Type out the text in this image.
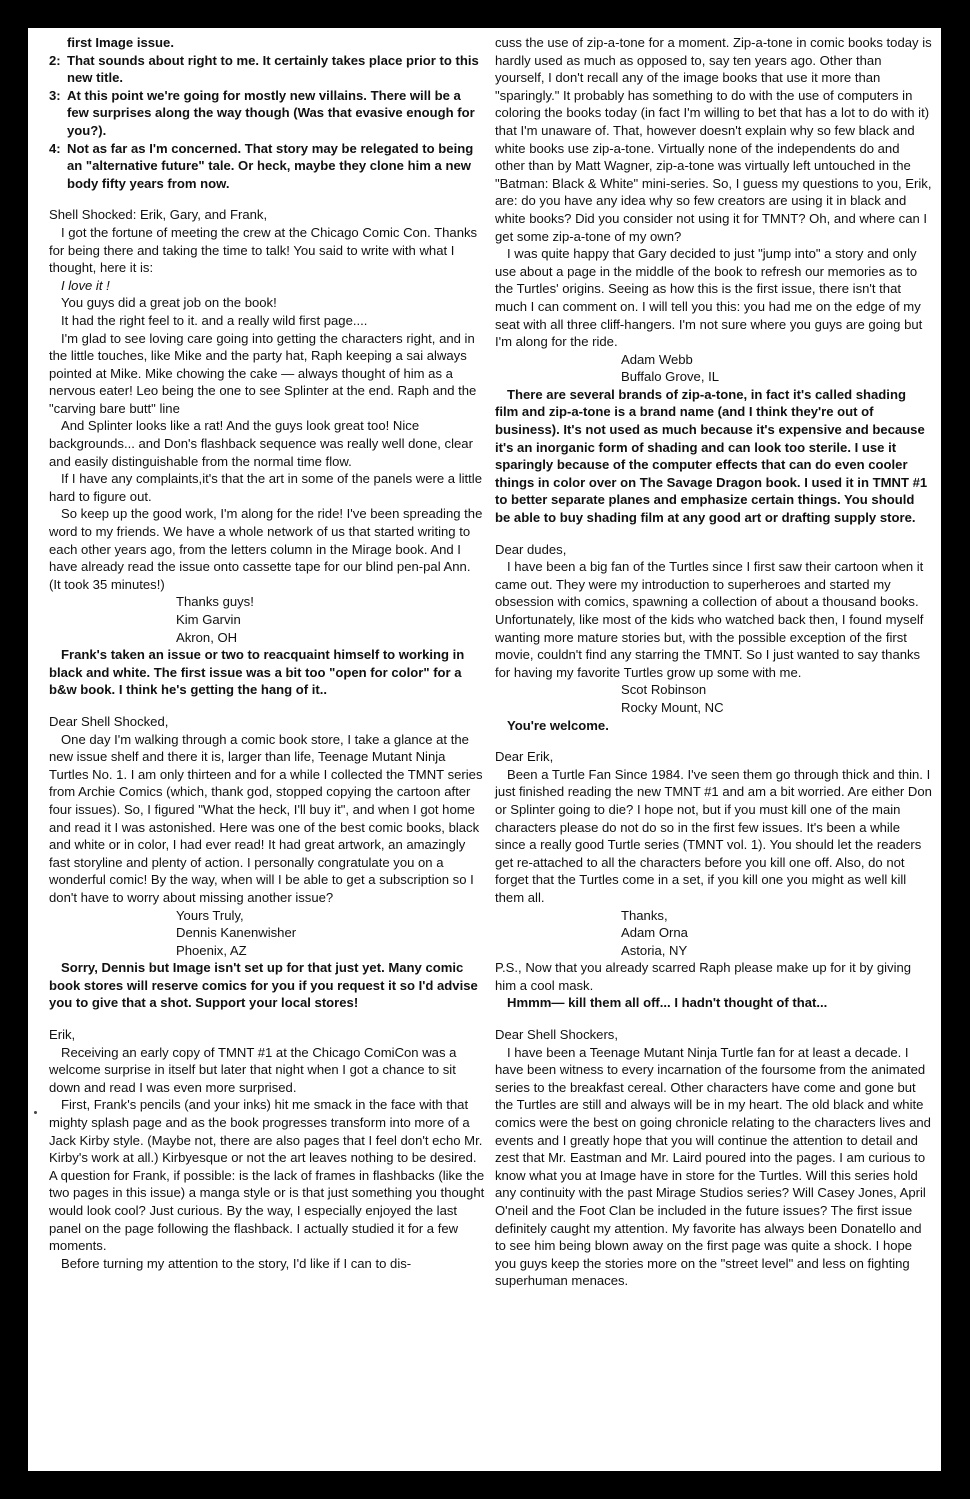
first Image issue.

2: That sounds about right to me. It certainly takes place prior to this new title.
3: At this point we're going for mostly new villains. There will be a few surprises along the way though (Was that evasive enough for you?).
4: Not as far as I'm concerned. That story may be relegated to being an "alternative future" tale. Or heck, maybe they clone him a new body fifty years from now.

Shell Shocked: Erik, Gary, and Frank,

I got the fortune of meeting the crew at the Chicago Comic Con. Thanks for being there and taking the time to talk! You said to write with what I thought, here it is:

I love it !

You guys did a great job on the book!

It had the right feel to it. and a really wild first page....

I'm glad to see loving care going into getting the characters right, and in the little touches, like Mike and the party hat, Raph keeping a sai always pointed at Mike. Mike chowing the cake — always thought of him as a nervous eater! Leo being the one to see Splinter at the end. Raph and the "carving bare butt" line

And Splinter looks like a rat! And the guys look great too! Nice backgrounds... and Don's flashback sequence was really well done, clear and easily distinguishable from the normal time flow.

If I have any complaints,it's that the art in some of the panels were a little hard to figure out.

So keep up the good work, I'm along for the ride! I've been spreading the word to my friends. We have a whole network of us that started writing to each other years ago, from the letters column in the Mirage book. And I have already read the issue onto cassette tape for our blind pen-pal Ann. (It took 35 minutes!)

Thanks guys!

Kim Garvin

Akron, OH

Frank's taken an issue or two to reacquaint himself to working in black and white. The first issue was a bit too "open for color" for a b&w book. I think he's getting the hang of it..

Dear Shell Shocked,

One day I'm walking through a comic book store, I take a glance at the new issue shelf and there it is, larger than life, Teenage Mutant Ninja Turtles No. 1. I am only thirteen and for a while I collected the TMNT series from Archie Comics (which, thank god, stopped copying the cartoon after four issues). So, I figured "What the heck, I'll buy it", and when I got home and read it I was astonished. Here was one of the best comic books, black and white or in color, I had ever read! It had great artwork, an amazingly fast storyline and plenty of action. I personally congratulate you on a wonderful comic! By the way, when will I be able to get a subscription so I don't have to worry about missing another issue?

Yours Truly,

Dennis Kanenwisher

Phoenix, AZ

Sorry, Dennis but Image isn't set up for that just yet. Many comic book stores will reserve comics for you if you request it so I'd advise you to give that a shot. Support your local stores!

Erik,

Receiving an early copy of TMNT #1 at the Chicago ComiCon was a welcome surprise in itself but later that night when I got a chance to sit down and read I was even more surprised.

First, Frank's pencils (and your inks) hit me smack in the face with that mighty splash page and as the book progresses transform into more of a Jack Kirby style. (Maybe not, there are also pages that I feel don't echo Mr. Kirby's work at all.) Kirbyesque or not the art leaves nothing to be desired. A question for Frank, if possible: is the lack of frames in flashbacks (like the two pages in this issue) a manga style or is that just something you thought would look cool? Just curious. By the way, I especially enjoyed the last panel on the page following the flashback. I actually studied it for a few moments.

Before turning my attention to the story, I'd like if I can to dis-

cuss the use of zip-a-tone for a moment. Zip-a-tone in comic books today is hardly used as much as opposed to, say ten years ago. Other than yourself, I don't recall any of the image books that use it more than "sparingly." It probably has something to do with the use of computers in coloring the books today (in fact I'm willing to bet that has a lot to do with it) that I'm unaware of. That, however doesn't explain why so few black and white books use zip-a-tone. Virtually none of the independents do and other than by Matt Wagner, zip-a-tone was virtually left untouched in the "Batman: Black & White" mini-series. So, I guess my questions to you, Erik, are: do you have any idea why so few creators are using it in black and white books? Did you consider not using it for TMNT? Oh, and where can I get some zip-a-tone of my own?

I was quite happy that Gary decided to just "jump into" a story and only use about a page in the middle of the book to refresh our memories as to the Turtles' origins. Seeing as how this is the first issue, there isn't that much I can comment on. I will tell you this: you had me on the edge of my seat with all three cliff-hangers. I'm not sure where you guys are going but I'm along for the ride.

Adam Webb

Buffalo Grove, IL

There are several brands of zip-a-tone, in fact it's called shading film and zip-a-tone is a brand name (and I think they're out of business). It's not used as much because it's expensive and because it's an inorganic form of shading and can look too sterile. I use it sparingly because of the computer effects that can do even cooler things in color over on The Savage Dragon book. I used it in TMNT #1 to better separate planes and emphasize certain things. You should be able to buy shading film at any good art or drafting supply store.

Dear dudes,

I have been a big fan of the Turtles since I first saw their cartoon when it came out. They were my introduction to superheroes and started my obsession with comics, spawning a collection of about a thousand books. Unfortunately, like most of the kids who watched back then, I found myself wanting more mature stories but, with the possible exception of the first movie, couldn't find any starring the TMNT. So I just wanted to say thanks for having my favorite Turtles grow up some with me.

Scot Robinson

Rocky Mount, NC

You're welcome.

Dear Erik,

Been a Turtle Fan Since 1984. I've seen them go through thick and thin. I just finished reading the new TMNT #1 and am a bit worried. Are either Don or Splinter going to die? I hope not, but if you must kill one of the main characters please do not do so in the first few issues. It's been a while since a really good Turtle series (TMNT vol. 1). You should let the readers get re-attached to all the characters before you kill one off. Also, do not forget that the Turtles come in a set, if you kill one you might as well kill them all.

Thanks,

Adam Orna

Astoria, NY

P.S., Now that you already scarred Raph please make up for it by giving him a cool mask.

Hmmm— kill them all off... I hadn't thought of that...

Dear Shell Shockers,

I have been a Teenage Mutant Ninja Turtle fan for at least a decade. I have been witness to every incarnation of the foursome from the animated series to the breakfast cereal. Other characters have come and gone but the Turtles are still and always will be in my heart. The old black and white comics were the best on going chronicle relating to the characters lives and events and I greatly hope that you will continue the attention to detail and zest that Mr. Eastman and Mr. Laird poured into the pages. I am curious to know what you at Image have in store for the Turtles. Will this series hold any continuity with the past Mirage Studios series? Will Casey Jones, April O'neil and the Foot Clan be included in the future issues? The first issue definitely caught my attention. My favorite has always been Donatello and to see him being blown away on the first page was quite a shock. I hope you guys keep the stories more on the "street level" and less on fighting superhuman menaces.
